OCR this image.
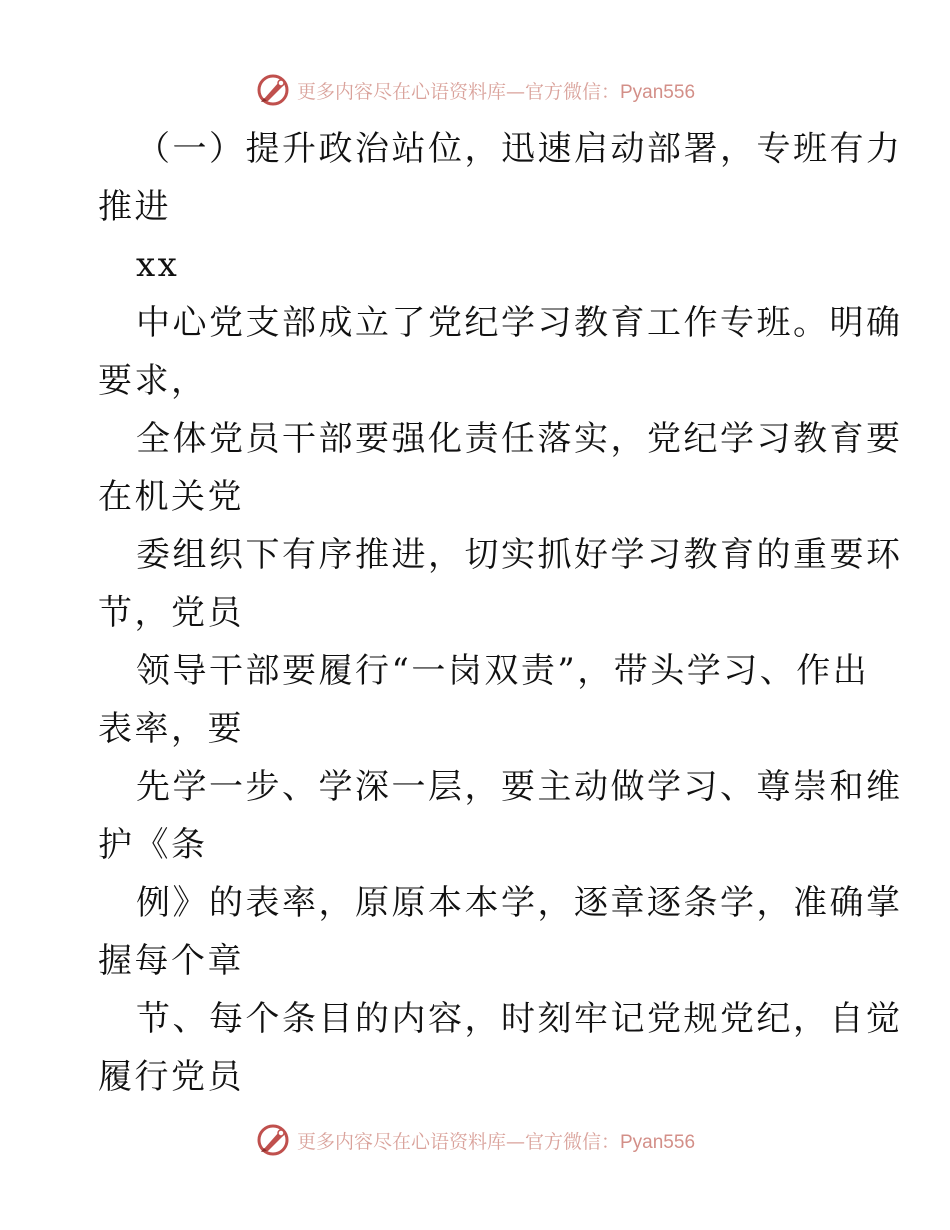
更多内容尽在心语资料库—官方微信：Pyan556
（一）提升政治站位，迅速启动部署，专班有力
推进
xx
中心党支部成立了党纪学习教育工作专班。明确
要求，
全体党员干部要强化责任落实，党纪学习教育要
在机关党
委组织下有序推进，切实抓好学习教育的重要环
节，党员
领导干部要履行“一岗双责”，带头学习、作出
表率，要
先学一步、学深一层，要主动做学习、尊崇和维
护《条
例》的表率，原原本本学，逐章逐条学，准确掌
握每个章
节、每个条目的内容，时刻牢记党规党纪，自觉
履行党员
更多内容尽在心语资料库—官方微信：Pyan556
